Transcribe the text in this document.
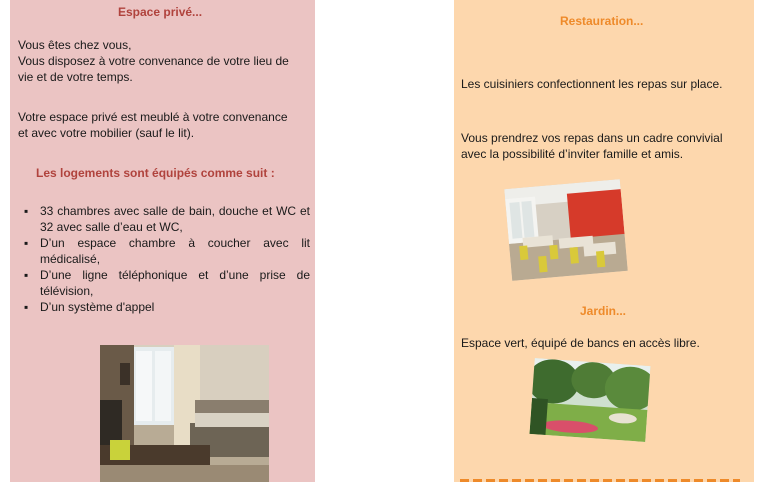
Espace privé...

Vous êtes chez vous,

Vous disposez à votre convenance de votre lieu de

vie et de votre temps.

Votre espace privé est meublé à votre convenance

et avec votre mobilier (sauf le lit).

Les logements sont équipés comme suit :

▪ 33 chambres avec salle de bain, douche et WC et 32 avec salle d’eau et WC,
▪ D’un espace chambre à coucher avec lit médicalisé,
▪ D’une ligne téléphonique et d’une prise de télévision,
▪ D’un système d'appel

Restauration...

Les cuisiniers confectionnent les repas sur place.

Vous prendrez vos repas dans un cadre convivial

avec la possibilité d’inviter famille et amis.

Jardin...

Espace vert, équipé de bancs en accès libre.
